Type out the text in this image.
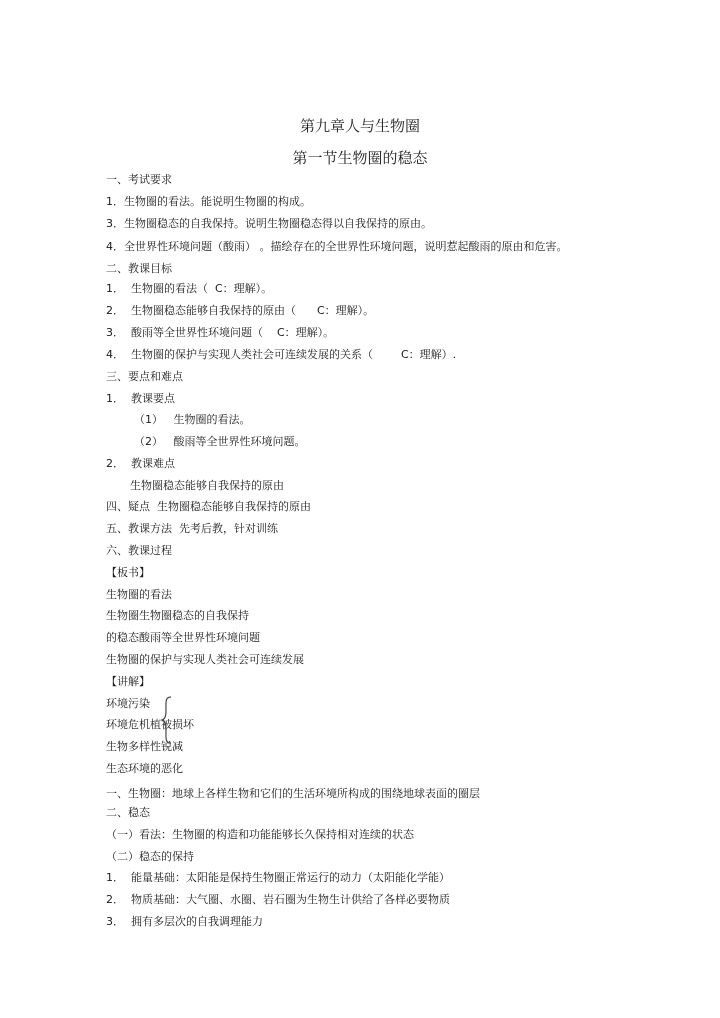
第九章人与生物圈
第一节生物圈的稳态
一、考试要求
1．生物圈的看法。能说明生物圈的构成。
3．生物圈稳态的自我保持。说明生物圈稳态得以自我保持的原由。
4．全世界性环境问题（酸雨） 。描绘存在的全世界性环境问题，说明惹起酸雨的原由和危害。二、教课目标
1．  生物圈的看法（  C：理解）。
2．  生物圈稳态能够自我保持的原由（      C：理解）。
3．  酸雨等全世界性环境问题（    C：理解）。
4．  生物圈的保护与实现人类社会可连续发展的关系（        C：理解）.
三、要点和难点
1．  教课要点
（1）   生物圈的看法。
（2）   酸雨等全世界性环境问题。
2．  教课难点
生物圈稳态能够自我保持的原由
四、疑点  生物圈稳态能够自我保持的原由
五、教课方法  先考后教，针对训练
六、教课过程
【板书】
生物圈的看法
生物圈生物圈稳态的自我保持
的稳态酸雨等全世界性环境问题
生物圈的保护与实现人类社会可连续发展
【讲解】
环境污染
环境危机植被损坏
生物多样性锐减
生态环境的恶化
一、生物圈：地球上各样生物和它们的生活环境所构成的围绕地球表面的圈层
二、稳态
（一）看法：生物圈的构造和功能能够长久保持相对连续的状态
（二）稳态的保持
1．  能量基础：太阳能是保持生物圈正常运行的动力（太阳能化学能）
2．  物质基础：大气圈、水圈、岩石圈为生物生计供给了各样必要物质
3．  拥有多层次的自我调理能力
